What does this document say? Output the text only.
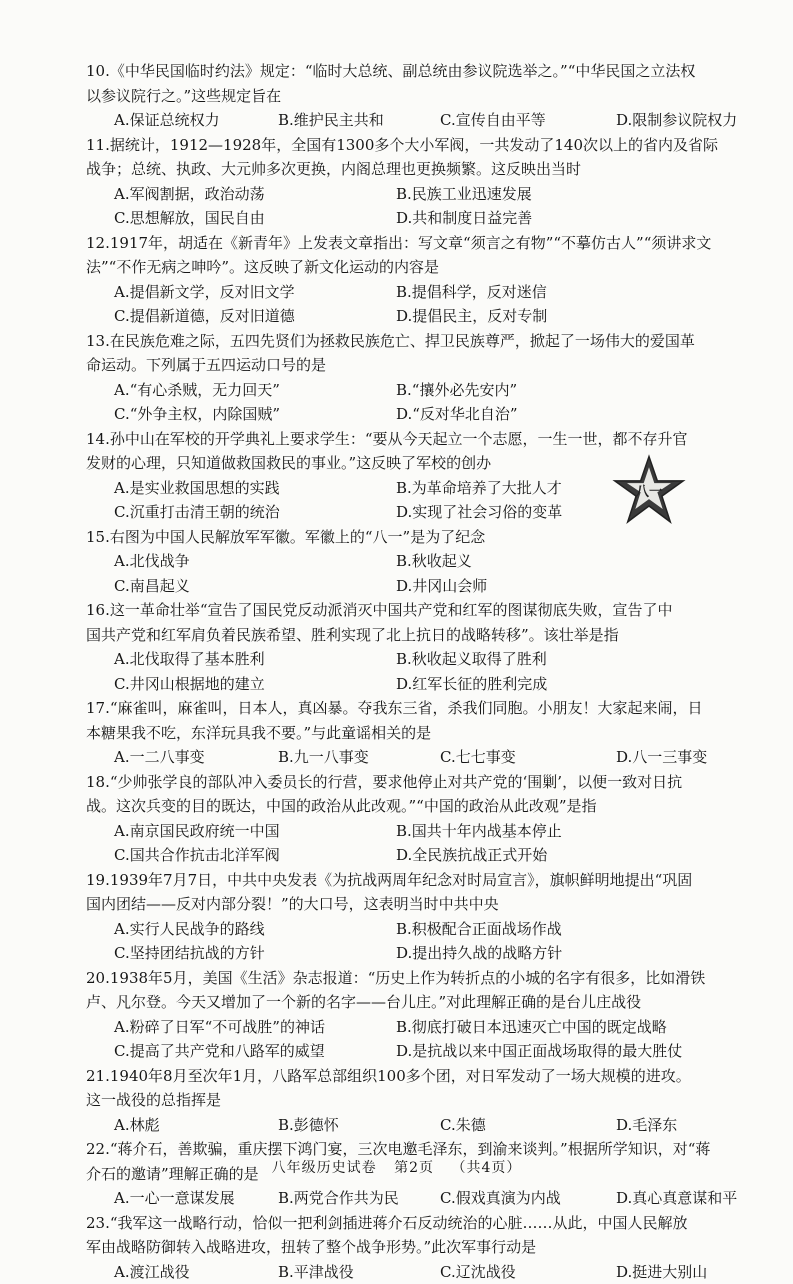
10.《中华民国临时约法》规定：“临时大总统、副总统由参议院选举之。”“中华民国之立法权
以参议院行之。”这些规定旨在
A.保证总统权力	B.维护民主共和	C.宣传自由平等	D.限制参议院权力
11.据统计，1912—1928年，全国有1300多个大小军阀，一共发动了140次以上的省内及省际
战争；总统、执政、大元帅多次更换，内阁总理也更换频繁。这反映出当时
A.军阀割据，政治动荡	B.民族工业迅速发展
C.思想解放，国民自由	D.共和制度日益完善
12.1917年，胡适在《新青年》上发表文章指出：写文章“须言之有物”“不摹仿古人”“须讲求文
法”“不作无病之呻吟”。这反映了新文化运动的内容是
A.提倡新文学，反对旧文学	B.提倡科学，反对迷信
C.提倡新道德，反对旧道德	D.提倡民主，反对专制
13.在民族危难之际，五四先贤们为拯救民族危亡、捍卫民族尊严，掀起了一场伟大的爱国革
命运动。下列属于五四运动口号的是
A.“有心杀贼，无力回天”	B.“攘外必先安内”
C.“外争主权，内除国贼”	D.“反对华北自治”
14.孙中山在军校的开学典礼上要求学生：“要从今天起立一个志愿，一生一世，都不存升官
发财的心理，只知道做救国救民的事业。”这反映了军校的创办
A.是实业救国思想的实践	B.为革命培养了大批人才
C.沉重打击清王朝的统治	D.实现了社会习俗的变革
15.右图为中国人民解放军军徽。军徽上的“八一”是为了纪念
A.北伐战争	B.秋收起义
C.南昌起义	D.井冈山会师
16.这一革命壮举“宣告了国民党反动派消灭中国共产党和红军的图谋彻底失败，宣告了中
国共产党和红军肩负着民族希望、胜利实现了北上抗日的战略转移”。该壮举是指
A.北伐取得了基本胜利	B.秋收起义取得了胜利
C.井冈山根据地的建立	D.红军长征的胜利完成
17.“麻雀叫，麻雀叫，日本人，真凶暴。夺我东三省，杀我们同胞。小朋友！大家起来闹，日
本糖果我不吃，东洋玩具我不要。”与此童谣相关的是
A.一二八事变	B.九一八事变	C.七七事变	D.八一三事变
18.“少帅张学良的部队冲入委员长的行营，要求他停止对共产党的‘围剿’，以便一致对日抗
战。这次兵变的目的既达，中国的政治从此改观。”“中国的政治从此改观”是指
A.南京国民政府统一中国	B.国共十年内战基本停止
C.国共合作抗击北洋军阀	D.全民族抗战正式开始
19.1939年7月7日，中共中央发表《为抗战两周年纪念对时局宣言》，旗帜鲜明地提出“巩固
国内团结——反对内部分裂！”的大口号，这表明当时中共中央
A.实行人民战争的路线	B.积极配合正面战场作战
C.坚持团结抗战的方针	D.提出持久战的战略方针
20.1938年5月，美国《生活》杂志报道：“历史上作为转折点的小城的名字有很多，比如滑铁
卢、凡尔登。今天又增加了一个新的名字——台儿庄。”对此理解正确的是台儿庄战役
A.粉碎了日军“不可战胜”的神话	B.彻底打破日本迅速灭亡中国的既定战略
C.提高了共产党和八路军的威望	D.是抗战以来中国正面战场取得的最大胜仗
21.1940年8月至次年1月，八路军总部组织100多个团，对日军发动了一场大规模的进攻。
这一战役的总指挥是
A.林彪	B.彭德怀	C.朱德	D.毛泽东
22.“蒋介石，善欺骗，重庆摆下鸿门宴，三次电邀毛泽东，到渝来谈判。”根据所学知识，对“蒋
介石的邀请”理解正确的是
A.一心一意谋发展	B.两党合作共为民	C.假戏真演为内战	D.真心真意谋和平
23.“我军这一战略行动，恰似一把利剑插进蒋介石反动统治的心脏……从此，中国人民解放
军由战略防御转入战略进攻，扭转了整个战争形势。”此次军事行动是
A.渡江战役	B.平津战役	C.辽沈战役	D.挺进大别山
八一
八年级历史试卷 第2页 （共4页）
